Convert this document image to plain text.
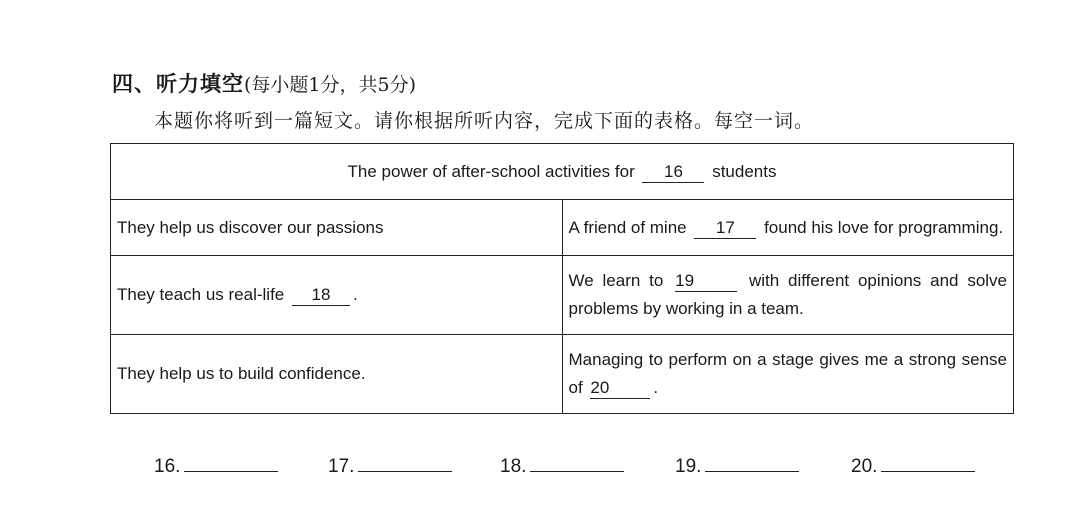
四、听力填空(每小题1分，共5分)
本题你将听到一篇短文。请你根据所听内容，完成下面的表格。每空一词。
The power of after-school activities for 16 students	
They help us discover our passions	A friend of mine 17 found his love for programming.
They teach us real-life 18 .	We learn to 19 with different opinions and solve problems by working in a team.
They help us to build confidence.	Managing to perform on a stage gives me a strong sense of 20 .
16.	17.	18.	19.	20.
